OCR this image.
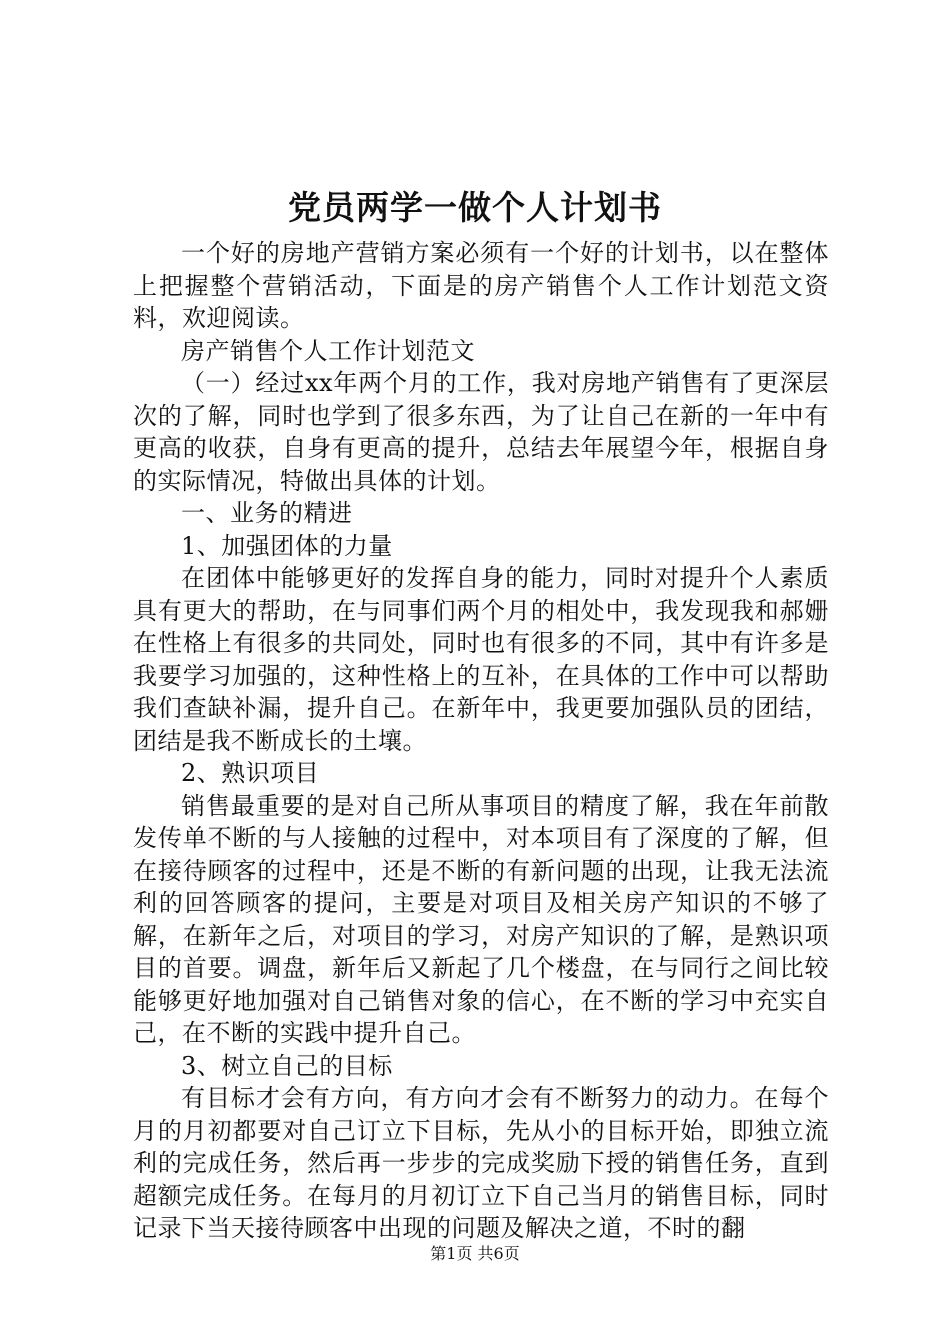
党员两学一做个人计划书

一个好的房地产营销方案必须有一个好的计划书，以在整体上把握整个营销活动，下面是的房产销售个人工作计划范文资料，欢迎阅读。

房产销售个人工作计划范文

（一）经过xx年两个月的工作，我对房地产销售有了更深层次的了解，同时也学到了很多东西，为了让自己在新的一年中有更高的收获，自身有更高的提升，总结去年展望今年，根据自身的实际情况，特做出具体的计划。

一、业务的精进

1、加强团体的力量

在团体中能够更好的发挥自身的能力，同时对提升个人素质具有更大的帮助，在与同事们两个月的相处中，我发现我和郝姗在性格上有很多的共同处，同时也有很多的不同，其中有许多是我要学习加强的，这种性格上的互补，在具体的工作中可以帮助我们查缺补漏，提升自己。在新年中，我更要加强队员的团结，团结是我不断成长的土壤。

2、熟识项目

销售最重要的是对自己所从事项目的精度了解，我在年前散发传单不断的与人接触的过程中，对本项目有了深度的了解，但在接待顾客的过程中，还是不断的有新问题的出现，让我无法流利的回答顾客的提问，主要是对项目及相关房产知识的不够了解，在新年之后，对项目的学习，对房产知识的了解，是熟识项目的首要。调盘，新年后又新起了几个楼盘，在与同行之间比较能够更好地加强对自己销售对象的信心，在不断的学习中充实自己，在不断的实践中提升自己。

3、树立自己的目标

有目标才会有方向，有方向才会有不断努力的动力。在每个月的月初都要对自己订立下目标，先从小的目标开始，即独立流利的完成任务，然后再一步步的完成奖励下授的销售任务，直到超额完成任务。在每月的月初订立下自己当月的销售目标，同时记录下当天接待顾客中出现的问题及解决之道，不时的翻

第1页 共6页
